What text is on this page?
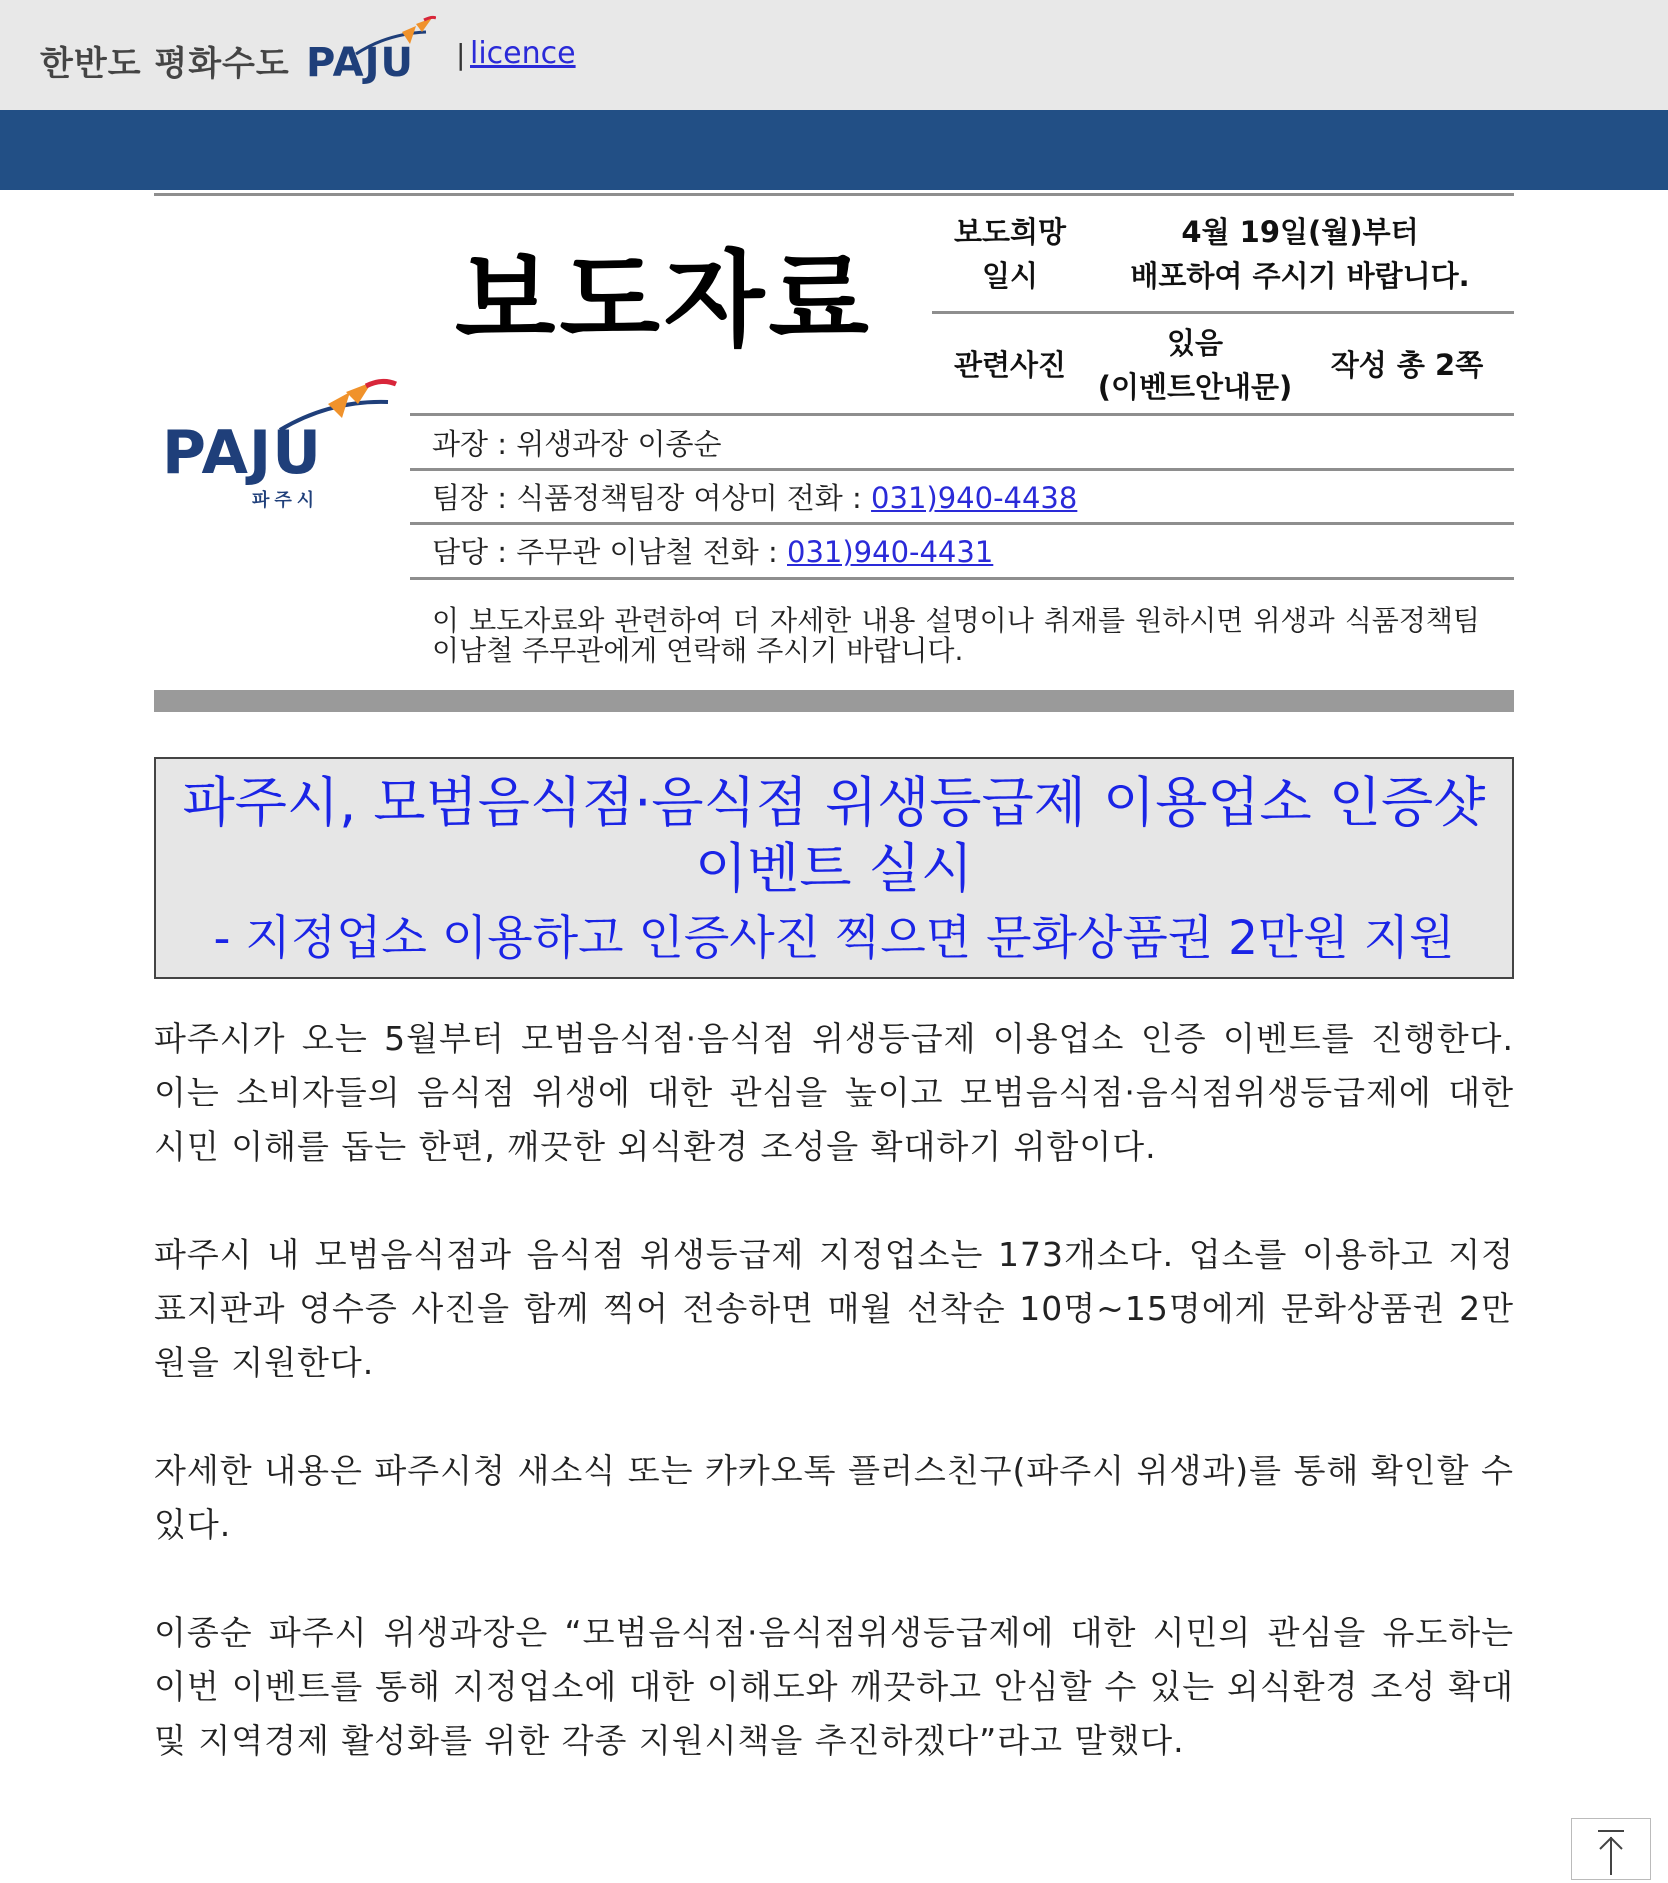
한반도 평화수도 PAJU | licence
보도자료
보도희망
일시
4월 19일(월)부터
배포하여 주시기 바랍니다.
관련사진
있음
(이벤트안내문)
작성 총 2쪽
PAJU
파주시
과장 : 위생과장 이종순
팀장 : 식품정책팀장 여상미 전화 : 031)940-4438
담당 : 주무관 이남철 전화 : 031)940-4431
이 보도자료와 관련하여 더 자세한 내용 설명이나 취재를 원하시면 위생과 식품정책팀 이남철 주무관에게 연락해 주시기 바랍니다.
파주시, 모범음식점·음식점 위생등급제 이용업소 인증샷
이벤트 실시
- 지정업소 이용하고 인증사진 찍으면 문화상품권 2만원 지원
파주시가 오는 5월부터 모범음식점·음식점 위생등급제 이용업소 인증 이벤트를 진행한다. 이는 소비자들의 음식점 위생에 대한 관심을 높이고 모범음식점·음식점위생등급제에 대한 시민 이해를 돕는 한편, 깨끗한 외식환경 조성을 확대하기 위함이다.
파주시 내 모범음식점과 음식점 위생등급제 지정업소는 173개소다. 업소를 이용하고 지정표지판과 영수증 사진을 함께 찍어 전송하면 매월 선착순 10명~15명에게 문화상품권 2만원을 지원한다.
자세한 내용은 파주시청 새소식 또는 카카오톡 플러스친구(파주시 위생과)를 통해 확인할 수 있다.
이종순 파주시 위생과장은 “모범음식점·음식점위생등급제에 대한 시민의 관심을 유도하는 이번 이벤트를 통해 지정업소에 대한 이해도와 깨끗하고 안심할 수 있는 외식환경 조성 확대 및 지역경제 활성화를 위한 각종 지원시책을 추진하겠다”라고 말했다.
